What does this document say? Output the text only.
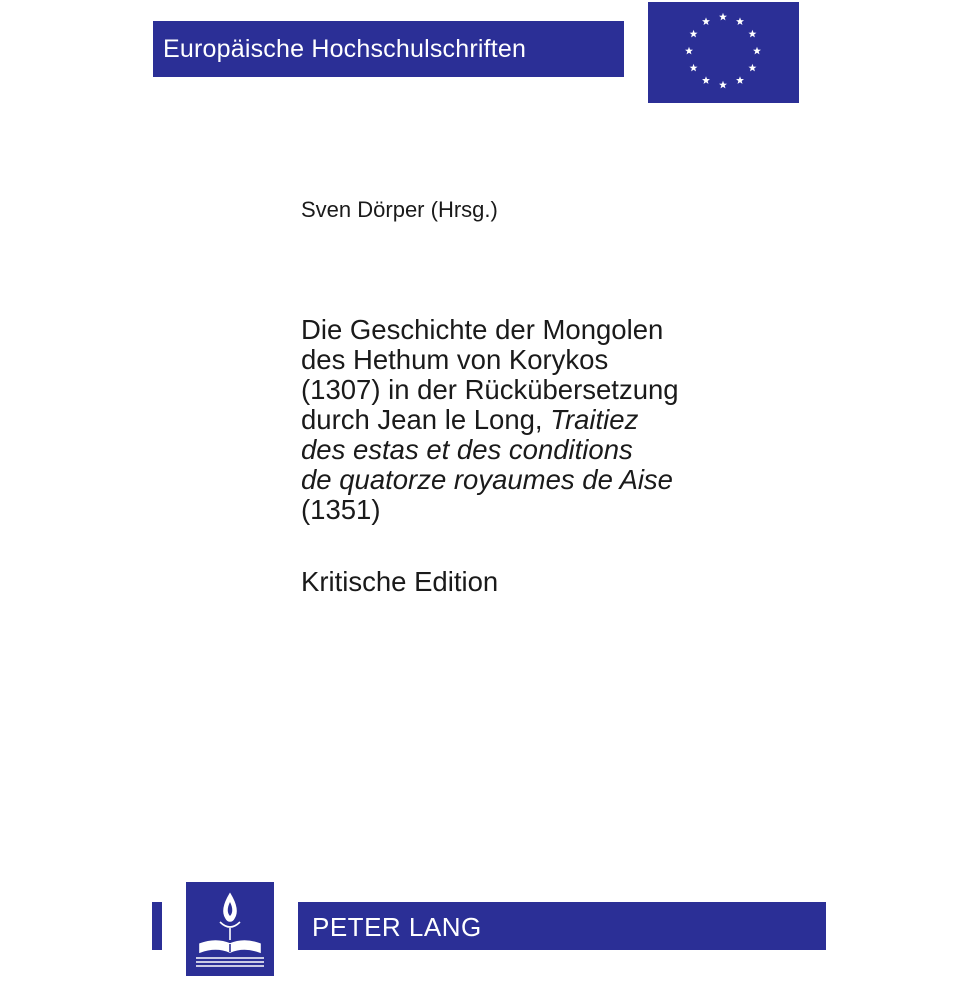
Europäische Hochschulschriften
Sven Dörper (Hrsg.)
Die Geschichte der Mongolen
des Hethum von Korykos
(1307) in der Rückübersetzung
durch Jean le Long, Traitiez
des estas et des conditions
de quatorze royaumes de Aise
(1351)
Kritische Edition
PETER LANG
